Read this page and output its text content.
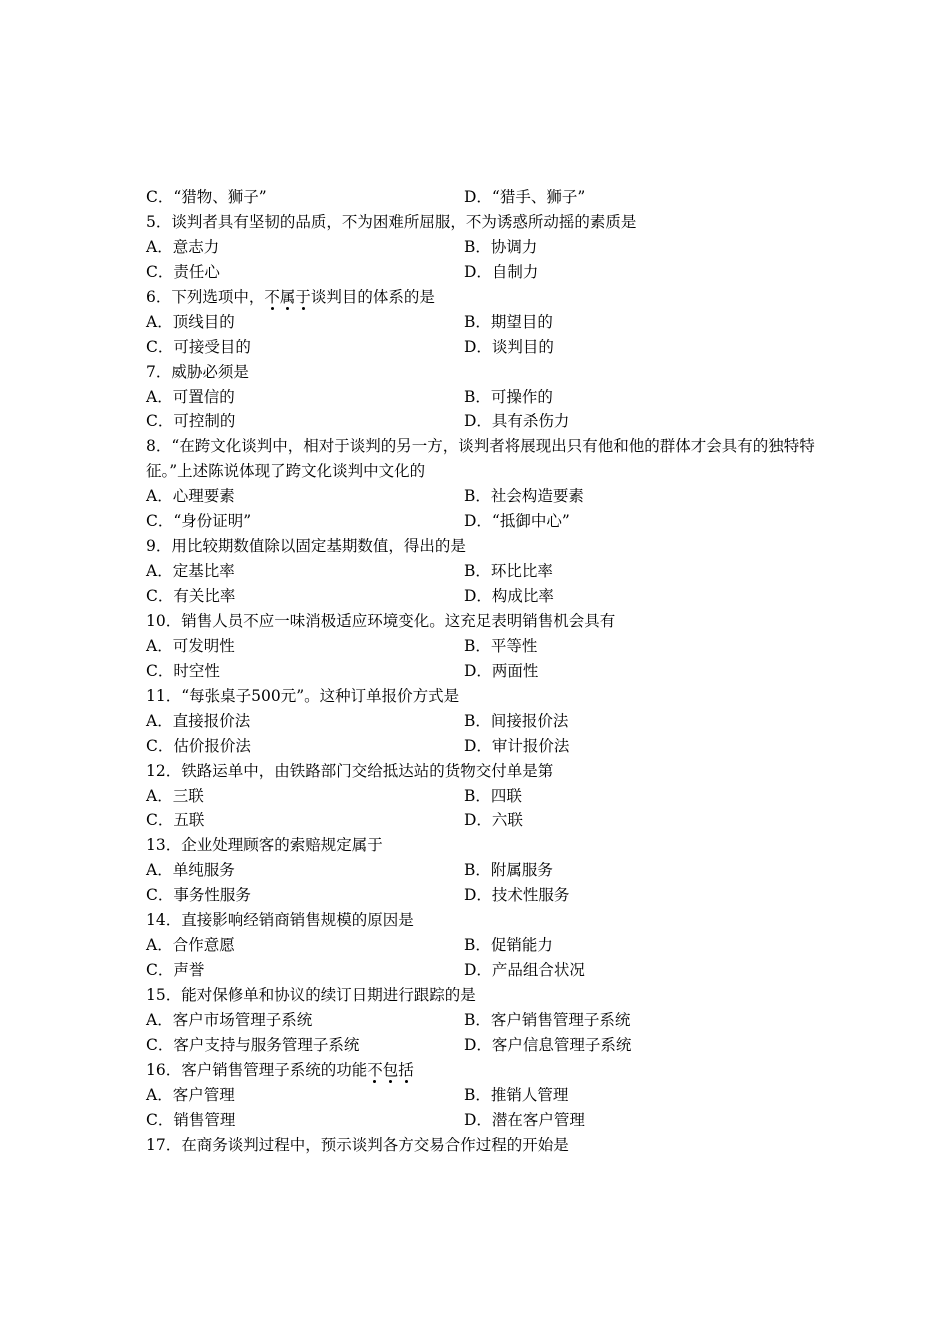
C．“猎物、狮子”	D．“猎手、狮子”
5．谈判者具有坚韧的品质，不为困难所屈服，不为诱惑所动摇的素质是
A．意志力	B．协调力
C．责任心	D．自制力
6．下列选项中，不属于谈判目的体系的是
A．顶线目的	B．期望目的
C．可接受目的	D．谈判目的
7．威胁必须是
A．可置信的	B．可操作的
C．可控制的	D．具有杀伤力
8．“在跨文化谈判中，相对于谈判的另一方，谈判者将展现出只有他和他的群体才会具有的独特特征。”上述陈说体现了跨文化谈判中文化的
A．心理要素	B．社会构造要素
C．“身份证明”	D．“抵御中心”
9．用比较期数值除以固定基期数值，得出的是
A．定基比率	B．环比比率
C．有关比率	D．构成比率
10．销售人员不应一味消极适应环境变化。这充足表明销售机会具有
A．可发明性	B．平等性
C．时空性	D．两面性
11．“每张桌子500元”。这种订单报价方式是
A．直接报价法	B．间接报价法
C．估价报价法	D．审计报价法
12．铁路运单中，由铁路部门交给抵达站的货物交付单是第
A．三联	B．四联
C．五联	D．六联
13．企业处理顾客的索赔规定属于
A．单纯服务	B．附属服务
C．事务性服务	D．技术性服务
14．直接影响经销商销售规模的原因是
A．合作意愿	B．促销能力
C．声誉	D．产品组合状况
15．能对保修单和协议的续订日期进行跟踪的是
A．客户市场管理子系统	B．客户销售管理子系统
C．客户支持与服务管理子系统	D．客户信息管理子系统
16．客户销售管理子系统的功能不包括
A．客户管理	B．推销人管理
C．销售管理	D．潜在客户管理
17．在商务谈判过程中，预示谈判各方交易合作过程的开始是
